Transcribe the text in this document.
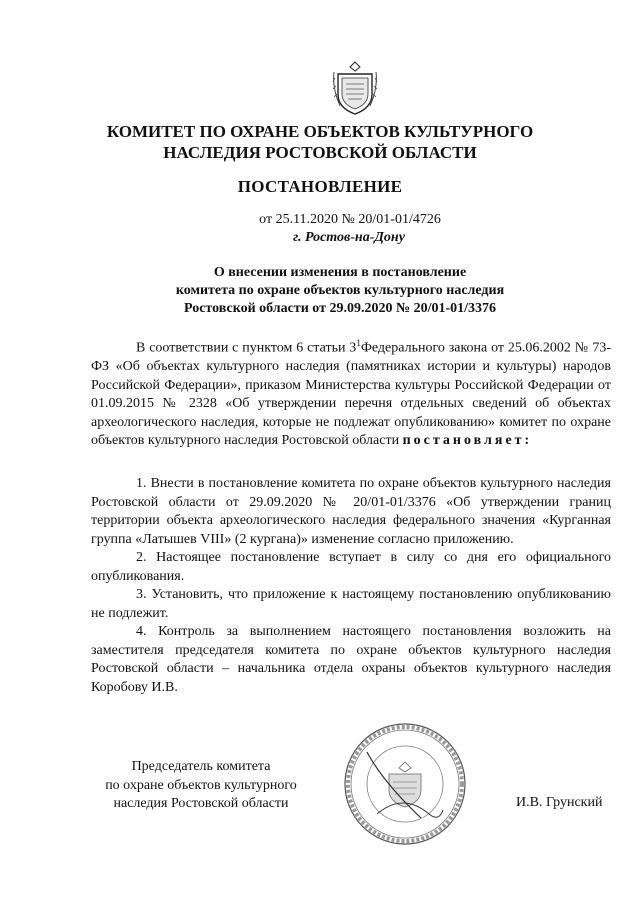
КОМИТЕТ ПО ОХРАНЕ ОБЪЕКТОВ КУЛЬТУРНОГО
НАСЛЕДИЯ РОСТОВСКОЙ ОБЛАСТИ
ПОСТАНОВЛЕНИЕ
от 25.11.2020 № 20/01-01/4726
г. Ростов-на-Дону
О внесении изменения в постановление
комитета по охране объектов культурного наследия
Ростовской области от 29.09.2020 № 20/01-01/3376
В соответствии с пунктом 6 статьи $3^1Федерального$ закона от 25.06.2002 № 73-ФЗ «Об объектах культурного наследия (памятниках истории и культуры) народов Российской Федерации», приказом Министерства культуры Российской Федерации от 01.09.2015 № 2328 «Об утверждении перечня отдельных сведений об объектах археологического наследия, которые не подлежат опубликованию» комитет по охране объектов культурного наследия Ростовской области постановляет:

1. Внести в постановление комитета по охране объектов культурного наследия Ростовской области от 29.09.2020 № 20/01-01/3376 «Об утверждении границ территории объекта археологического наследия федерального значения «Курганная группа «Латышев VIII» (2 кургана)» изменение согласно приложению.

2. Настоящее постановление вступает в силу со дня его официального опубликования.

3. Установить, что приложение к настоящему постановлению опубликованию не подлежит.

4. Контроль за выполнением настоящего постановления возложить на заместителя председателя комитета по охране объектов культурного наследия Ростовской области – начальника отдела охраны объектов культурного наследия Коробову И.В.

Председатель комитета
по охране объектов культурного
наследия Ростовской области	И.В. Грунский
